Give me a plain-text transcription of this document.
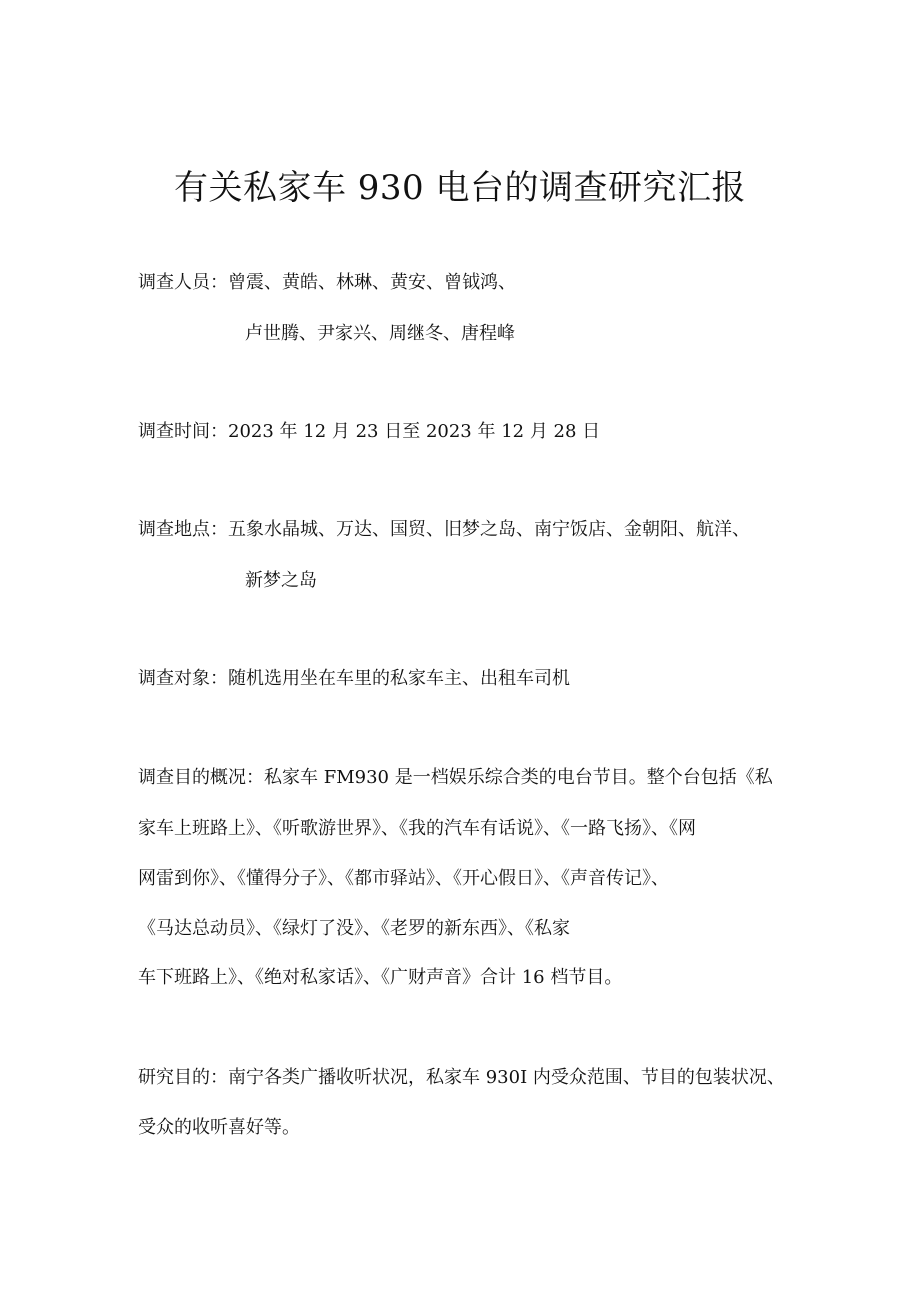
有关私家车 930 电台的调查研究汇报

调查人员：曾震、黄皓、林琳、黄安、曾钺鸿、

卢世腾、尹家兴、周继冬、唐程峰

调查时间：2023 年 12 月 23 日至 2023 年 12 月 28 日

调查地点：五象水晶城、万达、国贸、旧梦之岛、南宁饭店、金朝阳、航洋、

新梦之岛

调查对象：随机选用坐在车里的私家车主、出租车司机

调查目的概况：私家车 FM930 是一档娱乐综合类的电台节目。整个台包括《私

家车上班路上》、《听歌游世界》、《我的汽车有话说》、《一路飞扬》、《网

网雷到你》、《懂得分子》、《都市驿站》、《开心假日》、《声音传记》、

《马达总动员》、《绿灯了没》、《老罗的新东西》、《私家

车下班路上》、《绝对私家话》、《广财声音》合计 16 档节目。

研究目的：南宁各类广播收听状况，私家车 930I 内受众范围、节目的包装状况、

受众的收听喜好等。
